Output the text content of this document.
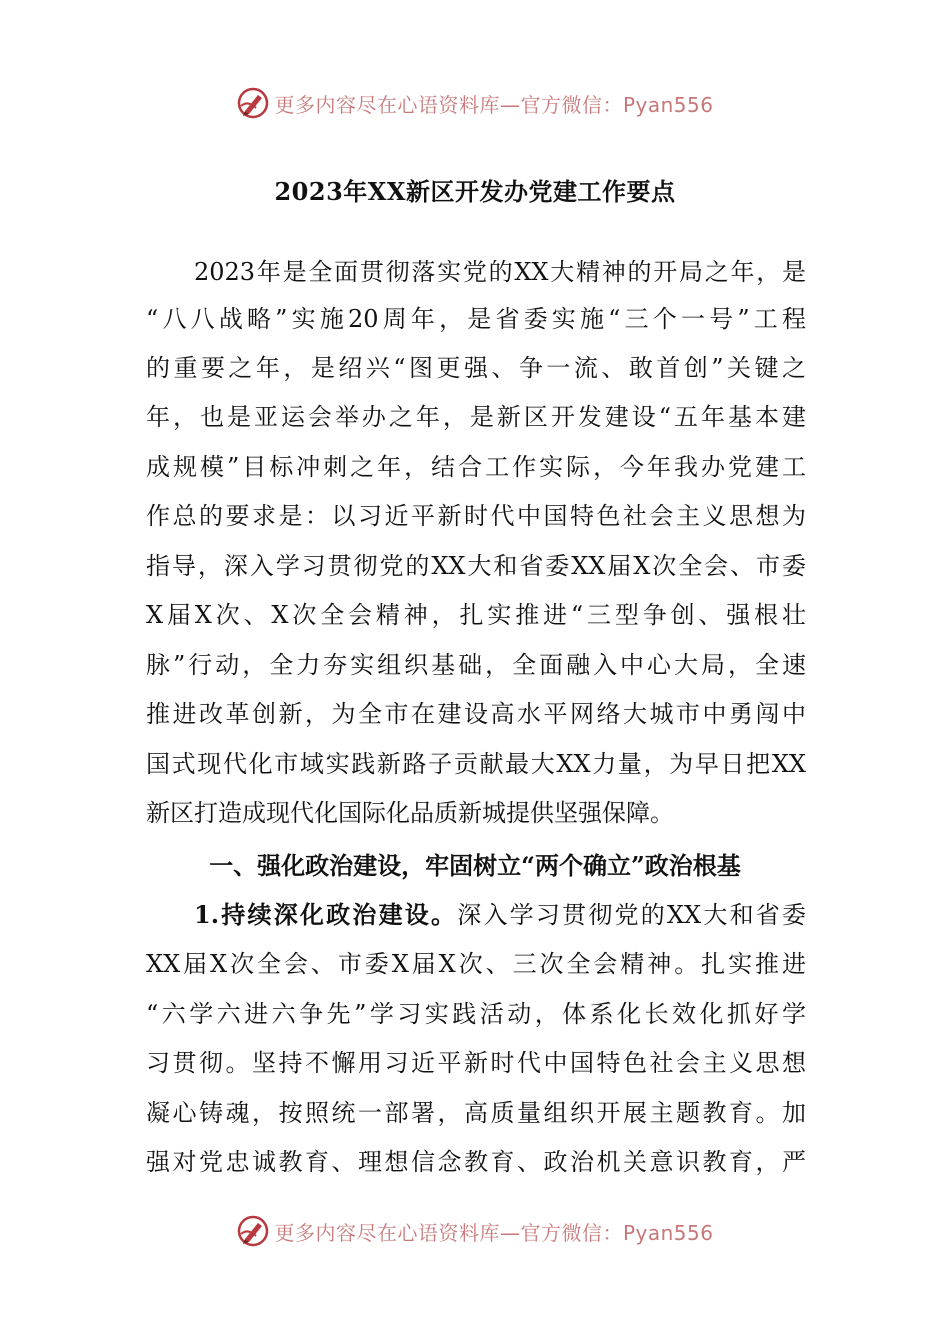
更多内容尽在心语资料库—官方微信：Pyan556
2023年XX新区开发办党建工作要点
2023年是全面贯彻落实党的XX大精神的开局之年，是
“八八战略”实施20周年，是省委实施“三个一号”工程
的重要之年，是绍兴“图更强、争一流、敢首创”关键之
年，也是亚运会举办之年，是新区开发建设“五年基本建
成规模”目标冲刺之年，结合工作实际，今年我办党建工
作总的要求是：以习近平新时代中国特色社会主义思想为
指导，深入学习贯彻党的XX大和省委XX届X次全会、市委
X届X次、X次全会精神，扎实推进“三型争创、强根壮
脉”行动，全力夯实组织基础，全面融入中心大局，全速
推进改革创新，为全市在建设高水平网络大城市中勇闯中
国式现代化市域实践新路子贡献最大XX力量，为早日把XX
新区打造成现代化国际化品质新城提供坚强保障。
一、强化政治建设，牢固树立“两个确立”政治根基
1.持续深化政治建设。深入学习贯彻党的XX大和省委
XX届X次全会、市委X届X次、三次全会精神。扎实推进
“六学六进六争先”学习实践活动，体系化长效化抓好学
习贯彻。坚持不懈用习近平新时代中国特色社会主义思想
凝心铸魂，按照统一部署，高质量组织开展主题教育。加
强对党忠诚教育、理想信念教育、政治机关意识教育，严
更多内容尽在心语资料库—官方微信：Pyan556
